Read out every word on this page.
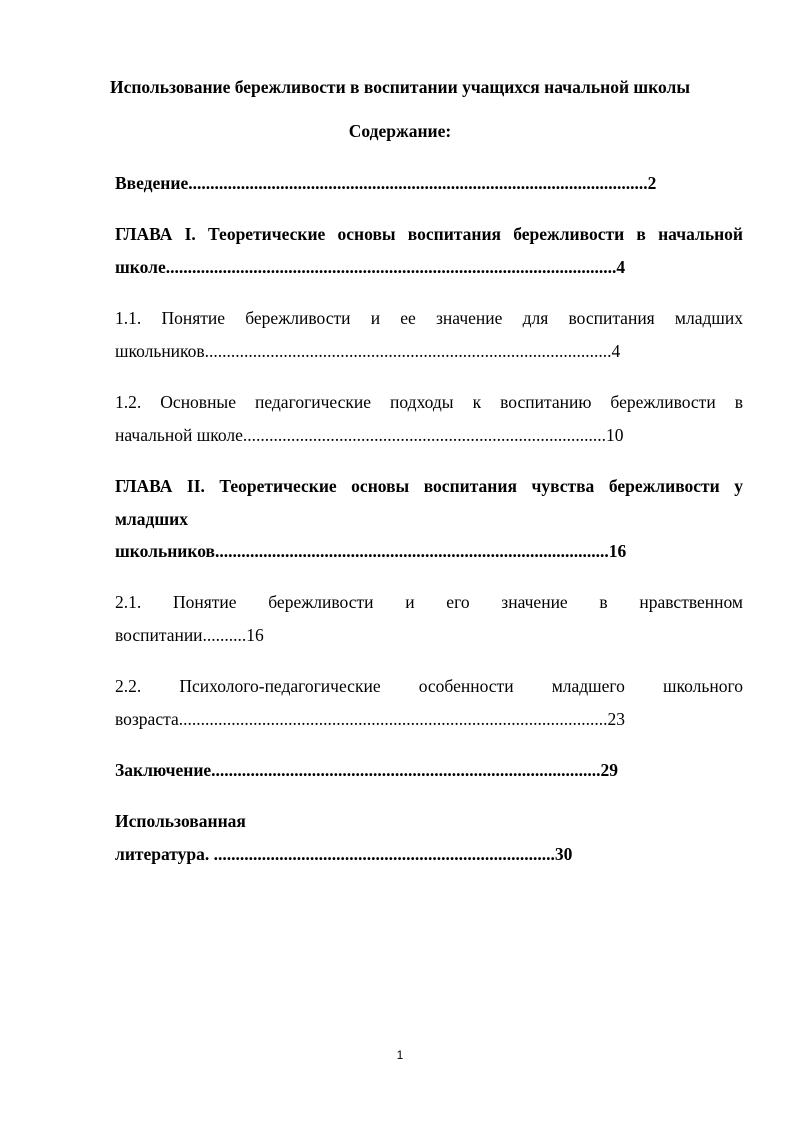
Использование бережливости в воспитании учащихся начальной школы
Содержание:
Введение.........................................................................................................2
ГЛАВА I. Теоретические основы воспитания бережливости в начальной
школе.......................................................................................................4
1.1. Понятие бережливости и ее значение для воспитания младших
школьников.............................................................................................4
1.2. Основные педагогические подходы к воспитанию бережливости в
начальной школе...................................................................................10
ГЛАВА II. Теоретические основы воспитания чувства бережливости у
младших
школьников..........................................................................................16
2.1. Понятие бережливости и его значение в нравственном
воспитании..........16
2.2. Психолого-педагогические особенности младшего школьного
возраста..................................................................................................23
Заключение.........................................................................................29
Использованная
литература. ..............................................................................30
1
